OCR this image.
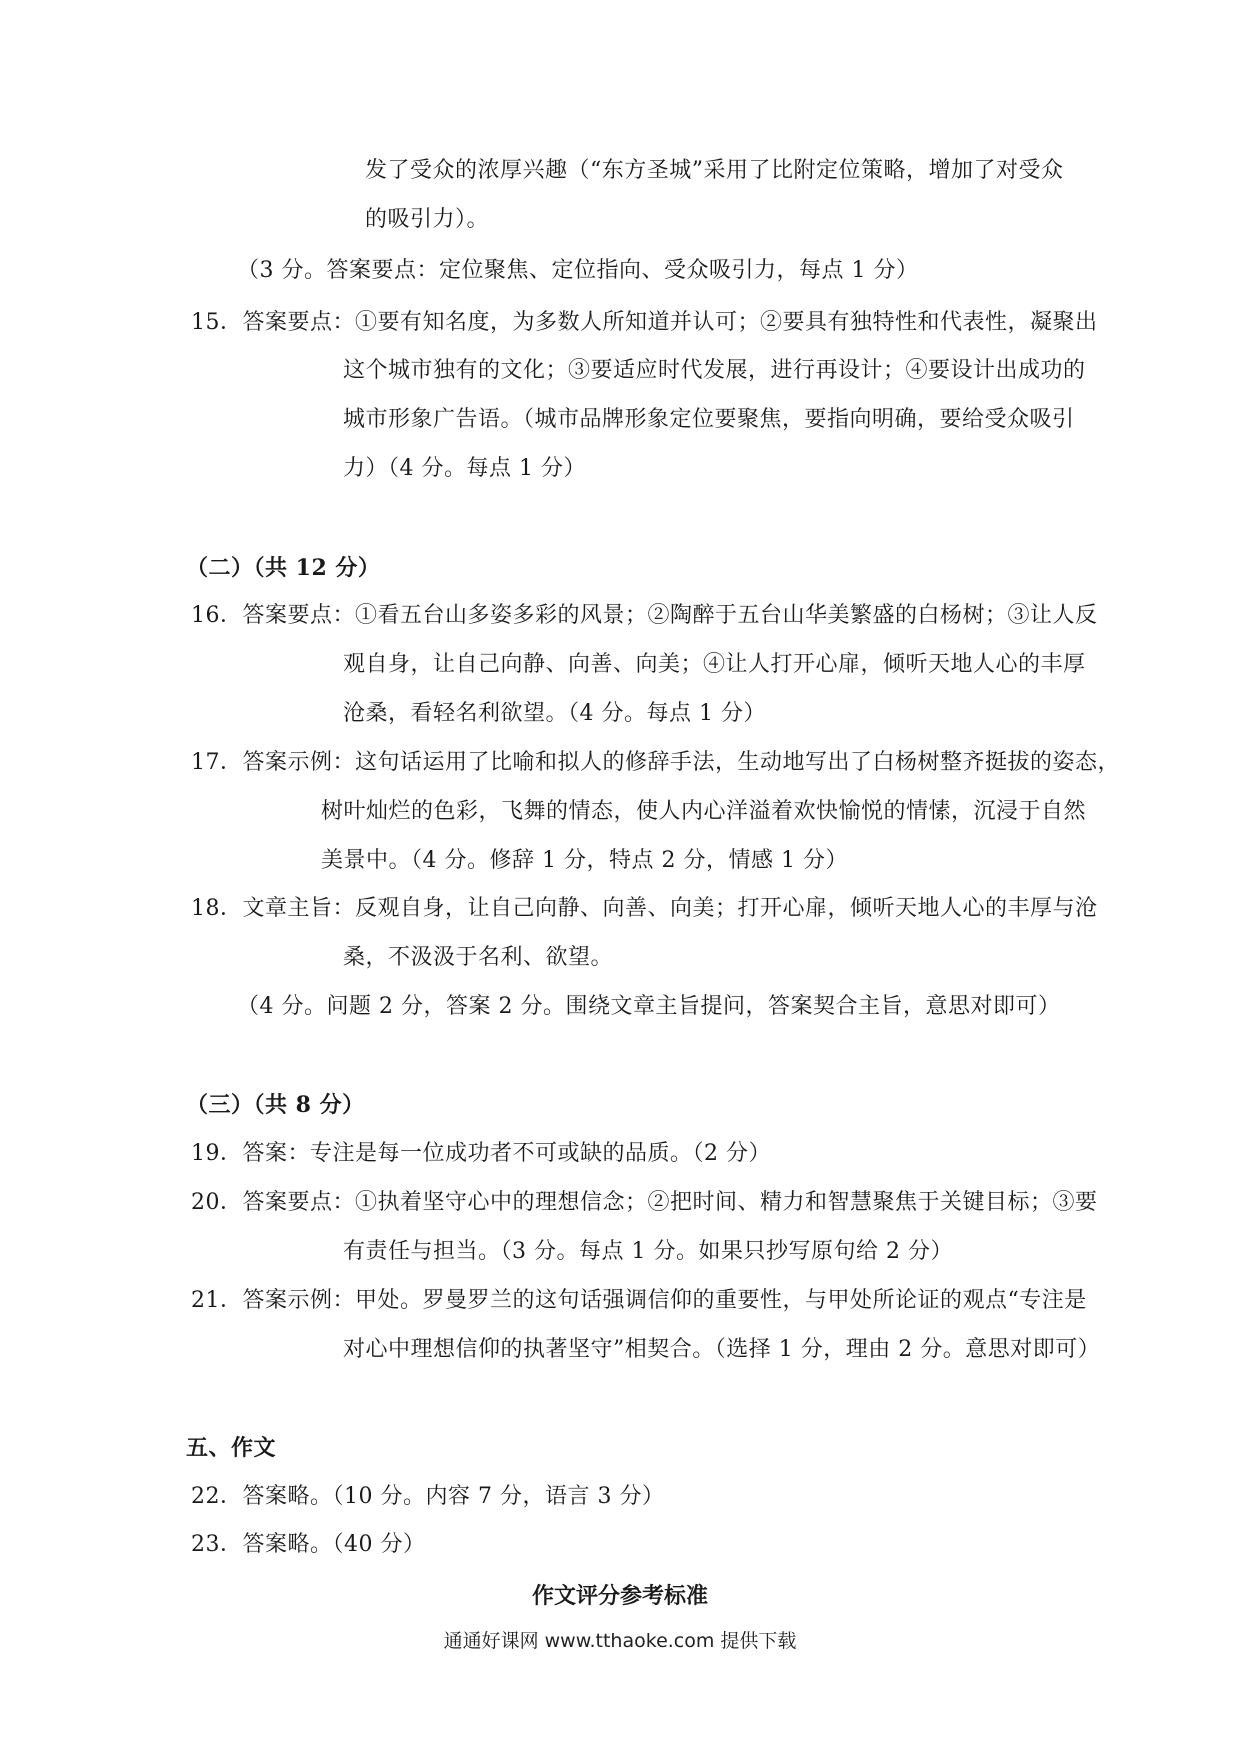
发了受众的浓厚兴趣（“东方圣城”采用了比附定位策略，增加了对受众
的吸引力）。
（3 分。答案要点：定位聚焦、定位指向、受众吸引力，每点 1 分）
15．答案要点：①要有知名度，为多数人所知道并认可；②要具有独特性和代表性，凝聚出
这个城市独有的文化；③要适应时代发展，进行再设计；④要设计出成功的
城市形象广告语。（城市品牌形象定位要聚焦，要指向明确，要给受众吸引
力）（4 分。每点 1 分）
（二）（共 12 分）
16．答案要点：①看五台山多姿多彩的风景；②陶醉于五台山华美繁盛的白杨树；③让人反
观自身，让自己向静、向善、向美；④让人打开心扉，倾听天地人心的丰厚
沧桑，看轻名利欲望。（4 分。每点 1 分）
17．答案示例：这句话运用了比喻和拟人的修辞手法，生动地写出了白杨树整齐挺拔的姿态，
树叶灿烂的色彩，飞舞的情态，使人内心洋溢着欢快愉悦的情愫，沉浸于自然
美景中。（4 分。修辞 1 分，特点 2 分，情感 1 分）
18．文章主旨：反观自身，让自己向静、向善、向美；打开心扉，倾听天地人心的丰厚与沧
桑，不汲汲于名利、欲望。
（4 分。问题 2 分，答案 2 分。围绕文章主旨提问，答案契合主旨，意思对即可）
（三）（共 8 分）
19．答案：专注是每一位成功者不可或缺的品质。（2 分）
20．答案要点：①执着坚守心中的理想信念；②把时间、精力和智慧聚焦于关键目标；③要
有责任与担当。（3 分。每点 1 分。如果只抄写原句给 2 分）
21．答案示例：甲处。罗曼罗兰的这句话强调信仰的重要性，与甲处所论证的观点“专注是
对心中理想信仰的执著坚守”相契合。（选择 1 分，理由 2 分。意思对即可）
五、作文
22．答案略。（10 分。内容 7 分，语言 3 分）
23．答案略。（40 分）
作文评分参考标准
通通好课网 www.tthaoke.com 提供下载
